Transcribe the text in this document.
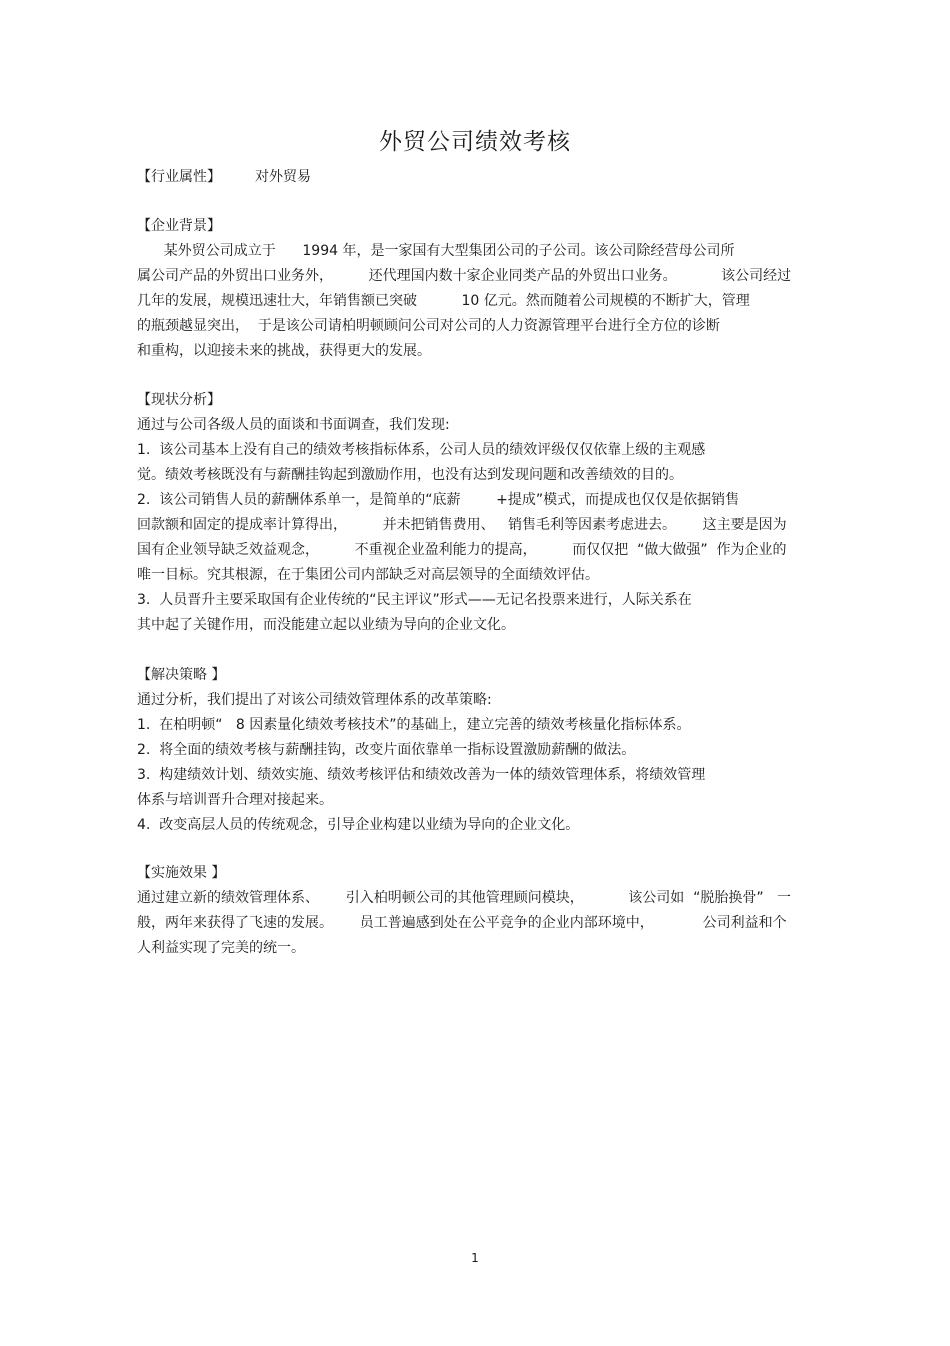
外贸公司绩效考核
【行业属性】 对外贸易
【企业背景】
某外贸公司成立于      1994 年，是一家国有大型集团公司的子公司。该公司除经营母公司所
属公司产品的外贸出口业务外，        还代理国内数十家企业同类产品的外贸出口业务。          该公司经过
几年的发展，规模迅速壮大，年销售额已突破          10 亿元。然而随着公司规模的不断扩大，管理
的瓶颈越显突出，  于是该公司请柏明顿顾问公司对公司的人力资源管理平台进行全方位的诊断
和重构，以迎接未来的挑战，获得更大的发展。
【现状分析】
通过与公司各级人员的面谈和书面调查，我们发现:
1.  该公司基本上没有自己的绩效考核指标体系，公司人员的绩效评级仅仅依靠上级的主观感
觉。绩效考核既没有与薪酬挂钩起到激励作用，也没有达到发现问题和改善绩效的目的。
2.  该公司销售人员的薪酬体系单一，是简单的“底薪        +提成”模式，而提成也仅仅是依据销售
回款额和固定的提成率计算得出，        并未把销售费用、   销售毛利等因素考虑进去。      这主要是因为
国有企业领导缺乏效益观念，        不重视企业盈利能力的提高，        而仅仅把  “做大做强”  作为企业的
唯一目标。究其根源，在于集团公司内部缺乏对高层领导的全面绩效评估。
3.  人员晋升主要采取国有企业传统的“民主评议”形式——无记名投票来进行，人际关系在
其中起了关键作用，而没能建立起以业绩为导向的企业文化。
【解决策略 】
通过分析，我们提出了对该公司绩效管理体系的改革策略:
1.  在柏明顿“   8 因素量化绩效考核技术”的基础上，建立完善的绩效考核量化指标体系。
2.  将全面的绩效考核与薪酬挂钩，改变片面依靠单一指标设置激励薪酬的做法。
3.  构建绩效计划、绩效实施、绩效考核评估和绩效改善为一体的绩效管理体系，将绩效管理
体系与培训晋升合理对接起来。
4.  改变高层人员的传统观念，引导企业构建以业绩为导向的企业文化。
【实施效果 】
通过建立新的绩效管理体系、      引入柏明顿公司的其他管理顾问模块，          该公司如  “脱胎换骨”   一
般，两年来获得了飞速的发展。      员工普遍感到处在公平竞争的企业内部环境中，           公司利益和个
人利益实现了完美的统一。
1
